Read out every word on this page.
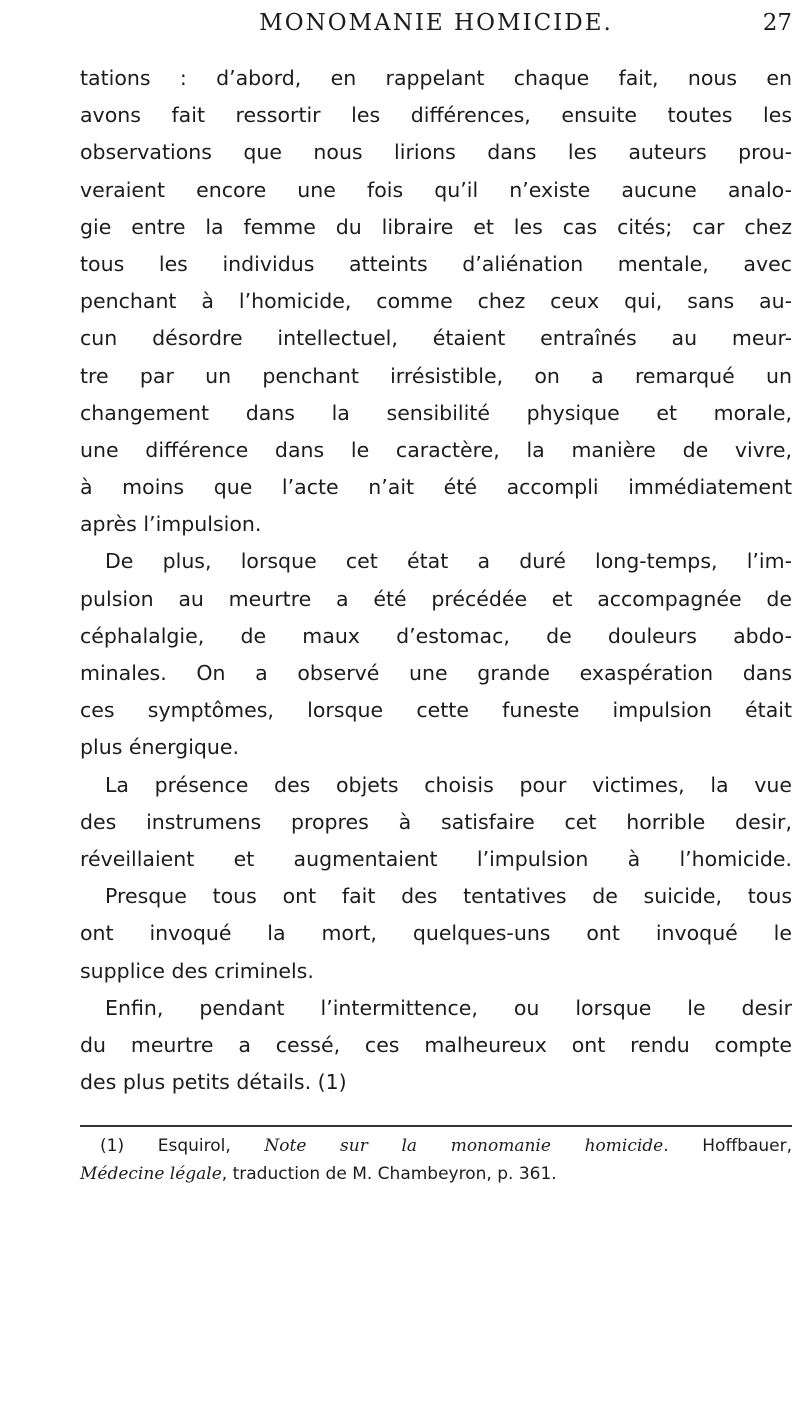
MONOMANIE HOMICIDE.	27
tations : d’abord, en rappelant chaque fait, nous en
avons fait ressortir les différences, ensuite toutes les
observations que nous lirions dans les auteurs prou-
veraient encore une fois qu’il n’existe aucune analo-
gie entre la femme du libraire et les cas cités; car chez
tous les individus atteints d’aliénation mentale, avec
penchant à l’homicide, comme chez ceux qui, sans au-
cun désordre intellectuel, étaient entraînés au meur-
tre par un penchant irrésistible, on a remarqué un
changement dans la sensibilité physique et morale,
une différence dans le caractère, la manière de vivre,
à moins que l’acte n’ait été accompli immédiatement
après l’impulsion.
De plus, lorsque cet état a duré long-temps, l’im-
pulsion au meurtre a été précédée et accompagnée de
céphalalgie, de maux d’estomac, de douleurs abdo-
minales. On a observé une grande exaspération dans
ces symptômes, lorsque cette funeste impulsion était
plus énergique.
La présence des objets choisis pour victimes, la vue
des instrumens propres à satisfaire cet horrible desir,
réveillaient et augmentaient l’impulsion à l’homicide.
Presque tous ont fait des tentatives de suicide, tous
ont invoqué la mort, quelques-uns ont invoqué le
supplice des criminels.
Enfin, pendant l’intermittence, ou lorsque le desir
du meurtre a cessé, ces malheureux ont rendu compte
des plus petits détails. (1)
(1) Esquirol, Note sur la monomanie homicide. Hoffbauer,
Médecine légale, traduction de M. Chambeyron, p. 361.
